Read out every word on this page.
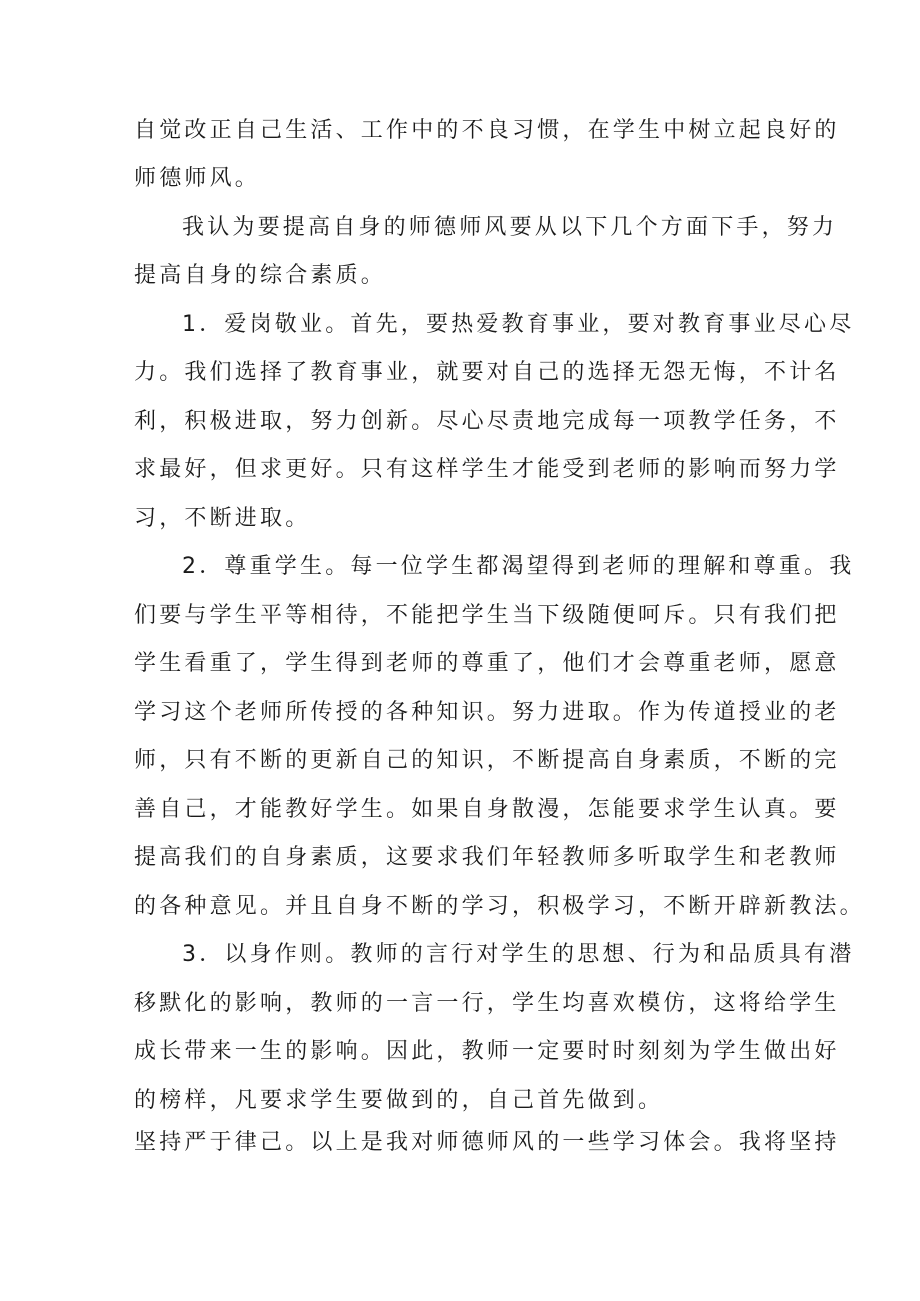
自觉改正自己生活、工作中的不良习惯，在学生中树立起良好的
师德师风。
我认为要提高自身的师德师风要从以下几个方面下手，努力
提高自身的综合素质。
1．爱岗敬业。首先，要热爱教育事业，要对教育事业尽心尽
力。我们选择了教育事业，就要对自己的选择无怨无悔，不计名
利，积极进取，努力创新。尽心尽责地完成每一项教学任务，不
求最好，但求更好。只有这样学生才能受到老师的影响而努力学
习，不断进取。
2．尊重学生。每一位学生都渴望得到老师的理解和尊重。我
们要与学生平等相待，不能把学生当下级随便呵斥。只有我们把
学生看重了，学生得到老师的尊重了，他们才会尊重老师，愿意
学习这个老师所传授的各种知识。努力进取。作为传道授业的老
师，只有不断的更新自己的知识，不断提高自身素质，不断的完
善自己，才能教好学生。如果自身散漫，怎能要求学生认真。要
提高我们的自身素质，这要求我们年轻教师多听取学生和老教师
的各种意见。并且自身不断的学习，积极学习，不断开辟新教法。
3．以身作则。教师的言行对学生的思想、行为和品质具有潜
移默化的影响，教师的一言一行，学生均喜欢模仿，这将给学生
成长带来一生的影响。因此，教师一定要时时刻刻为学生做出好
的榜样，凡要求学生要做到的，自己首先做到。
坚持严于律己。以上是我对师德师风的一些学习体会。我将坚持
